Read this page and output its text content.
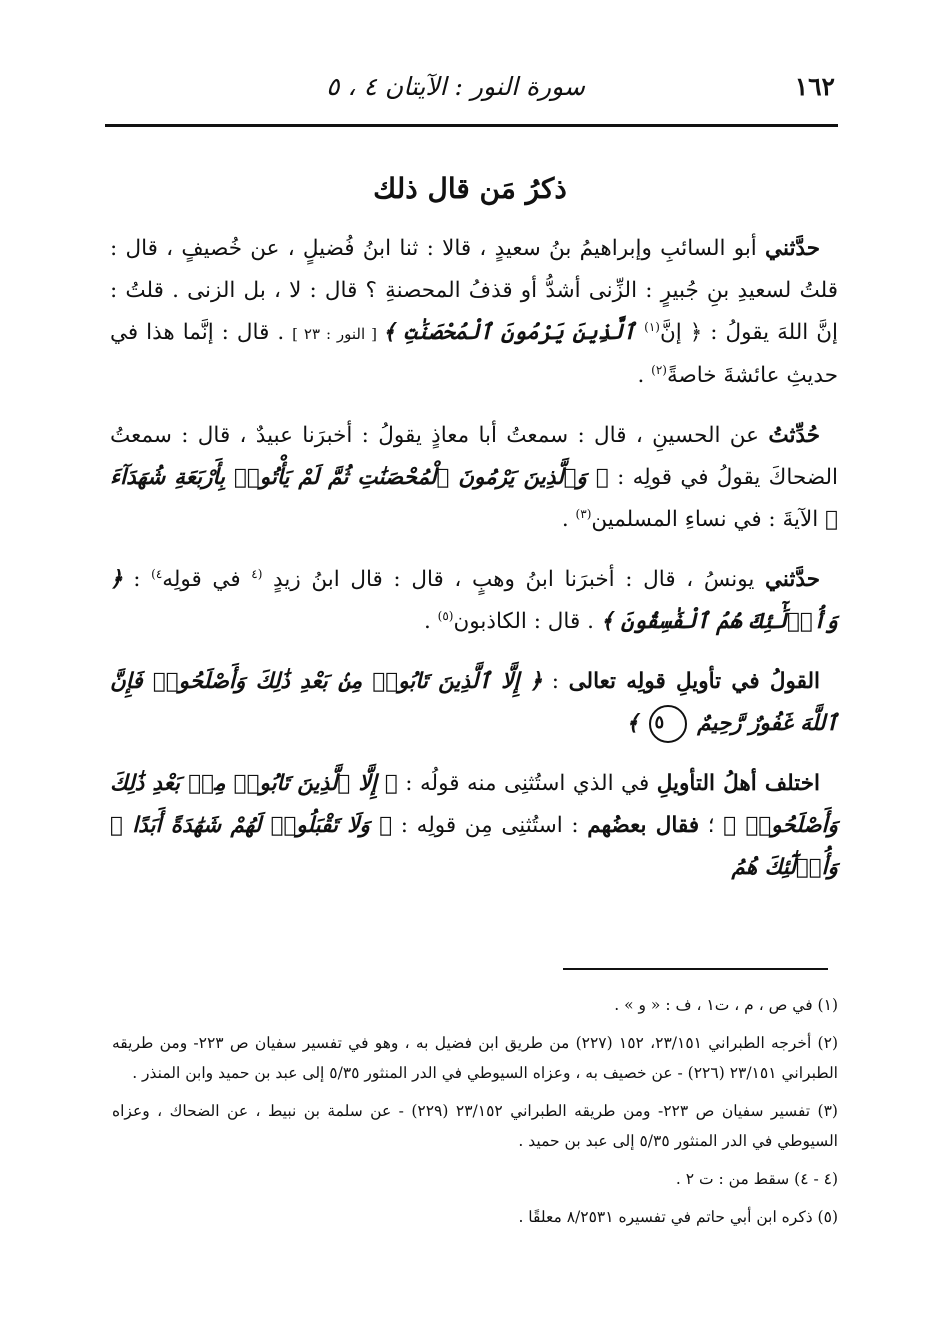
١٦٢
سورة النور : الآيتان ٤ ، ٥
ذكرُ مَن قال ذلك

حدَّثني أبو السائبِ وإبراهيمُ بنُ سعيدٍ ، قالا : ثنا ابنُ فُضيلٍ ، عن خُصيفٍ ، قال : قلتُ لسعيدِ بنِ جُبيرٍ : الزِّنى أشدُّ أو قذفُ المحصنةِ ؟ قال : لا ، بل الزنى . قلتُ : إنَّ اللهَ يقولُ : ﴿ إنَّ$^{(١)}$ ٱلَّذِينَ يَرْمُونَ ٱلْمُحْصَنَٰتِ ﴾ [ النور : ٢٣ ] . قال : إنَّما هذا في حديثِ عائشةَ خاصةً$^{(٢)}$ .

حُدِّثتُ عن الحسينِ ، قال : سمعتُ أبا معاذٍ يقولُ : أخبرَنا عبيدٌ ، قال : سمعتُ الضحاكَ يقولُ في قولِه : ﴿ وَٱلَّذِينَ يَرْمُونَ ٱلْمُحْصَنَٰتِ ثُمَّ لَمْ يَأْتُوا۟ بِأَرْبَعَةِ شُهَدَآءَ ﴾ الآيةَ : في نساءِ المسلمين$^{(٣)}$ .

حدَّثني يونسُ ، قال : أخبرَنا ابنُ وهبٍ ، قال : قال ابنُ زيدٍ $^{(٤}$ في قولِه$^{٤)}$ : ﴿ وَأُو۟لَٰٓئِكَ هُمُ ٱلْفَٰسِقُونَ ﴾ . قال : الكاذبون$^{(٥)}$ .

القولُ في تأويلِ قولِه تعالى : ﴿ إِلَّا ٱلَّذِينَ تَابُوا۟ مِنۢ بَعْدِ ذَٰلِكَ وَأَصْلَحُوا۟ فَإِنَّ ٱللَّهَ غَفُورٌ رَّحِيمٌ ٥ ﴾

اختلف أهلُ التأويلِ في الذي استُثنِى منه قولُه : ﴿ إِلَّا ٱلَّذِينَ تَابُوا۟ مِنۢ بَعْدِ ذَٰلِكَ وَأَصْلَحُوا۟ ﴾ ؛ فقال بعضُهم : استُثنِى مِن قولِه : ﴿ وَلَا تَقْبَلُوا۟ لَهُمْ شَهَٰدَةً أَبَدًا ۚ وَأُو۟لَٰٓئِكَ هُمُ

(١) في ص ، م ، ت١ ، ف : « و » .

(٢) أخرجه الطبراني ٢٣/١٥١، ١٥٢ (٢٢٧) من طريق ابن فضيل به ، وهو في تفسير سفيان ص ٢٢٣- ومن طريقه الطبراني ٢٣/١٥١ (٢٢٦) - عن خصيف به ، وعزاه السيوطي في الدر المنثور ٥/٣٥ إلى عبد بن حميد وابن المنذر .

(٣) تفسير سفيان ص ٢٢٣- ومن طريقه الطبراني ٢٣/١٥٢ (٢٢٩) - عن سلمة بن نبيط ، عن الضحاك ، وعزاه السيوطي في الدر المنثور ٥/٣٥ إلى عبد بن حميد .

(٤ - ٤) سقط من : ت ٢ .

(٥) ذكره ابن أبي حاتم في تفسيره ٨/٢٥٣١ معلقًا .
